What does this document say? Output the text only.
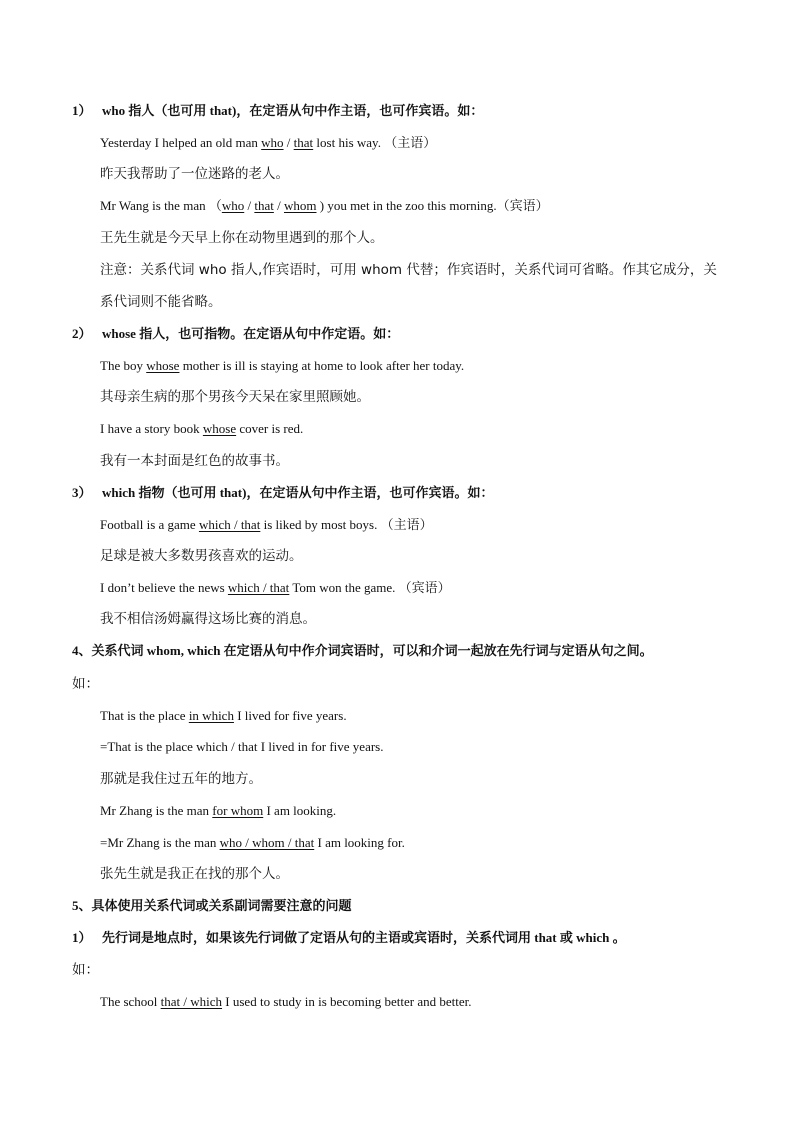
1） who 指人（也可用 that)，在定语从句中作主语，也可作宾语。如：
Yesterday I helped an old man who / that lost his way. （主语）
昨天我帮助了一位迷路的老人。
Mr Wang is the man （who / that / whom ) you met in the zoo this morning.（宾语）
王先生就是今天早上你在动物里遇到的那个人。
注意：关系代词 who 指人,作宾语时，可用 whom 代替；作宾语时，关系代词可省略。作其它成分，关
系代词则不能省略。
2） whose 指人，也可指物。在定语从句中作定语。如：
The boy whose mother is ill is staying at home to look after her today.
其母亲生病的那个男孩今天呆在家里照顾她。
I have a story book whose cover is red.
我有一本封面是红色的故事书。
3） which 指物（也可用 that)，在定语从句中作主语，也可作宾语。如：
Football is a game which / that is liked by most boys. （主语）
足球是被大多数男孩喜欢的运动。
I don’t believe the news which / that Tom won the game. （宾语）
我不相信汤姆赢得这场比赛的消息。
4、关系代词 whom, which 在定语从句中作介词宾语时，可以和介词一起放在先行词与定语从句之间。
如：
That is the place in which I lived for five years.
=That is the place which / that I lived in for five years.
那就是我住过五年的地方。
Mr Zhang is the man for whom I am looking.
=Mr Zhang is the man who / whom / that I am looking for.
张先生就是我正在找的那个人。
5、具体使用关系代词或关系副词需要注意的问题
1） 先行词是地点时，如果该先行词做了定语从句的主语或宾语时，关系代词用 that 或 which 。
如：
The school that / which I used to study in is becoming better and better.
